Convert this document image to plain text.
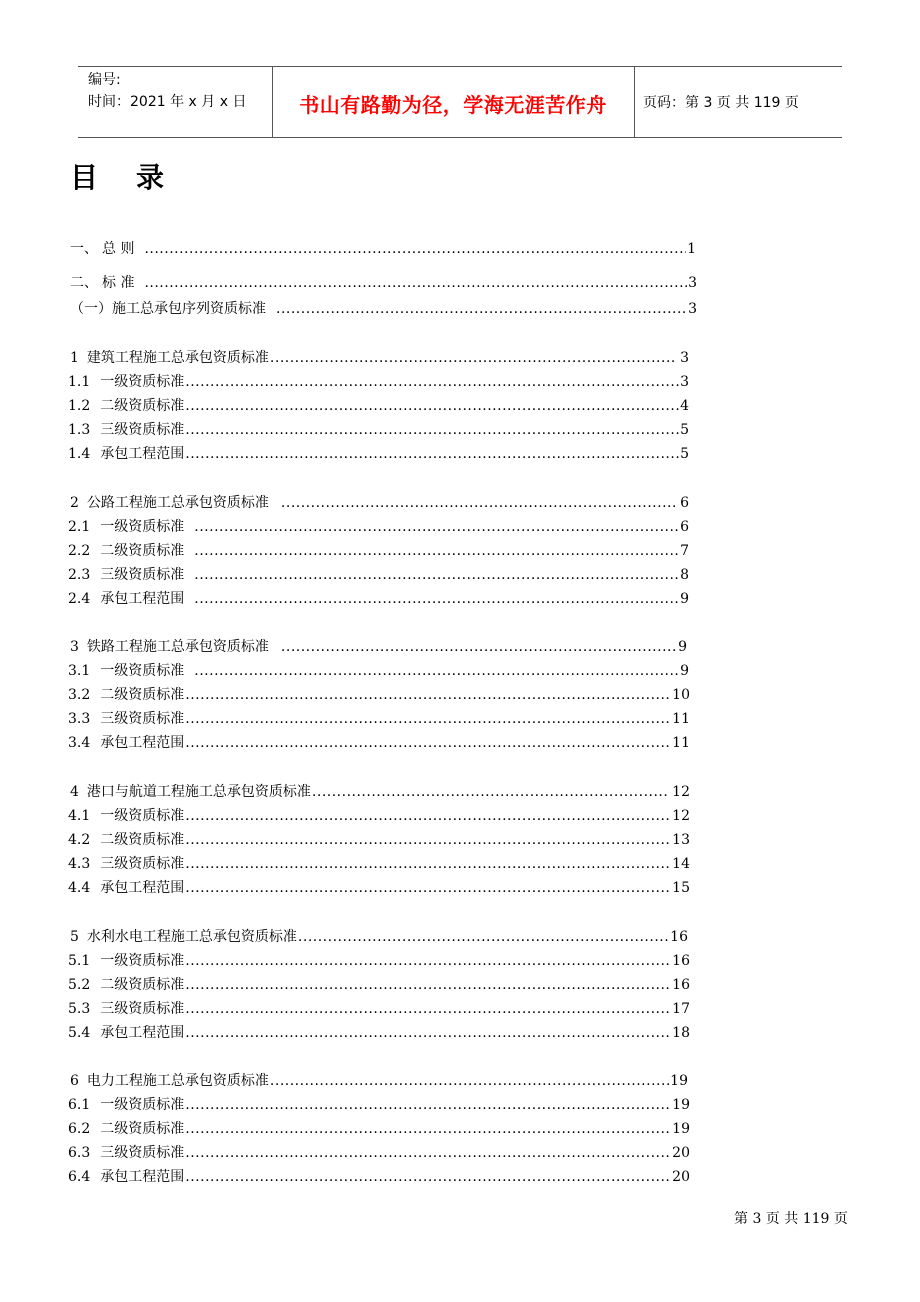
编号:
时间：2021 年 x 月 x 日	书山有路勤为径，学海无涯苦作舟	页码：第 3 页 共 119 页
目录
一、 总 则 .....	1
二、 标 准 .....	3
（一）施工总承包序列资质标准 .....	3
1 建筑工程施工总承包资质标准 .....	3
1.1 一级资质标准 .....	3
1.2 二级资质标准 .....	4
1.3 三级资质标准 .....	5
1.4 承包工程范围 .....	5
2 公路工程施工总承包资质标准 .....	6
2.1 一级资质标准 .....	6
2.2 二级资质标准 .....	7
2.3 三级资质标准 .....	8
2.4 承包工程范围 .....	9
3 铁路工程施工总承包资质标准 .....	9
3.1 一级资质标准 .....	9
3.2 二级资质标准 .....	10
3.3 三级资质标准 .....	11
3.4 承包工程范围 .....	11
4 港口与航道工程施工总承包资质标准 .....	12
4.1 一级资质标准 .....	12
4.2 二级资质标准 .....	13
4.3 三级资质标准 .....	14
4.4 承包工程范围 .....	15
5 水利水电工程施工总承包资质标准 .....	16
5.1 一级资质标准 .....	16
5.2 二级资质标准 .....	16
5.3 三级资质标准 .....	17
5.4 承包工程范围 .....	18
6 电力工程施工总承包资质标准 .....	19
6.1 一级资质标准 .....	19
6.2 二级资质标准 .....	19
6.3 三级资质标准 .....	20
6.4 承包工程范围 .....	20
第 3 页 共 119 页
